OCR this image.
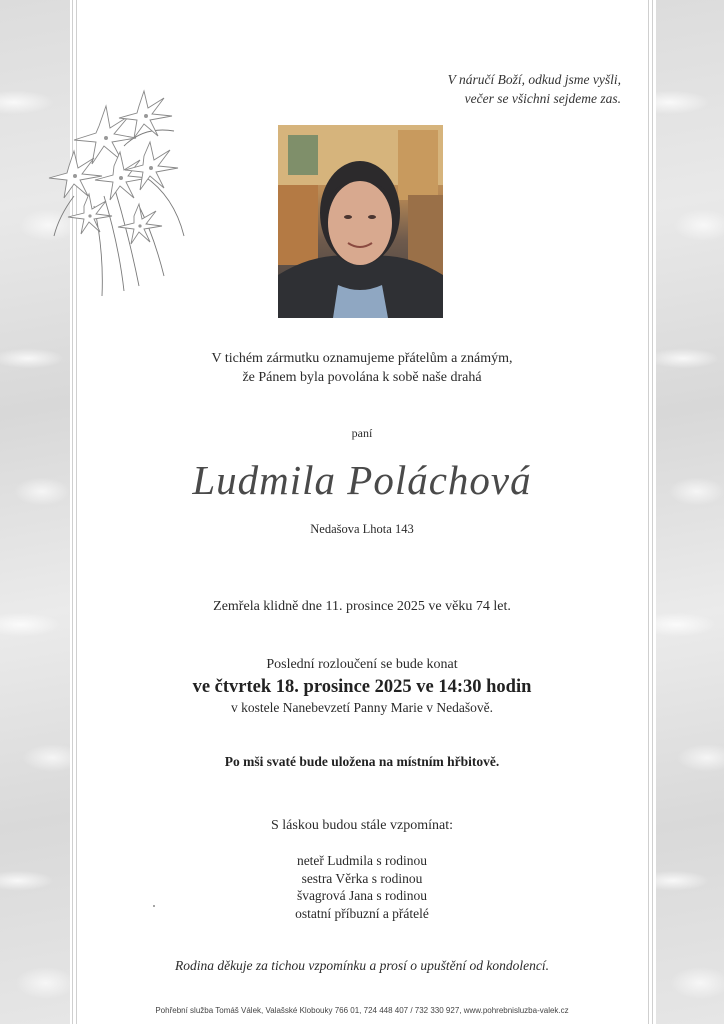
V náručí Boží, odkud jsme vyšli,
večer se všichni sejdeme zas.
V tichém zármutku oznamujeme přátelům a známým,
že Pánem byla povolána k sobě naše drahá
paní
Ludmila Poláchová
Nedašova Lhota 143
Zemřela klidně dne 11. prosince 2025 ve věku 74 let.
Poslední rozloučení se bude konat
ve čtvrtek 18. prosince 2025 ve 14:30 hodin
v kostele Nanebevzetí Panny Marie v Nedašově.
Po mši svaté bude uložena na místním hřbitově.
S láskou budou stále vzpomínat:
neteř Ludmila s rodinou
sestra Věrka s rodinou
švagrová Jana s rodinou
ostatní příbuzní a přátelé
Rodina děkuje za tichou vzpomínku a prosí o upuštění od kondolencí.
Pohřební služba Tomáš Válek, Valašské Klobouky 766 01, 724 448 407 / 732 330 927, www.pohrebnisluzba-valek.cz
